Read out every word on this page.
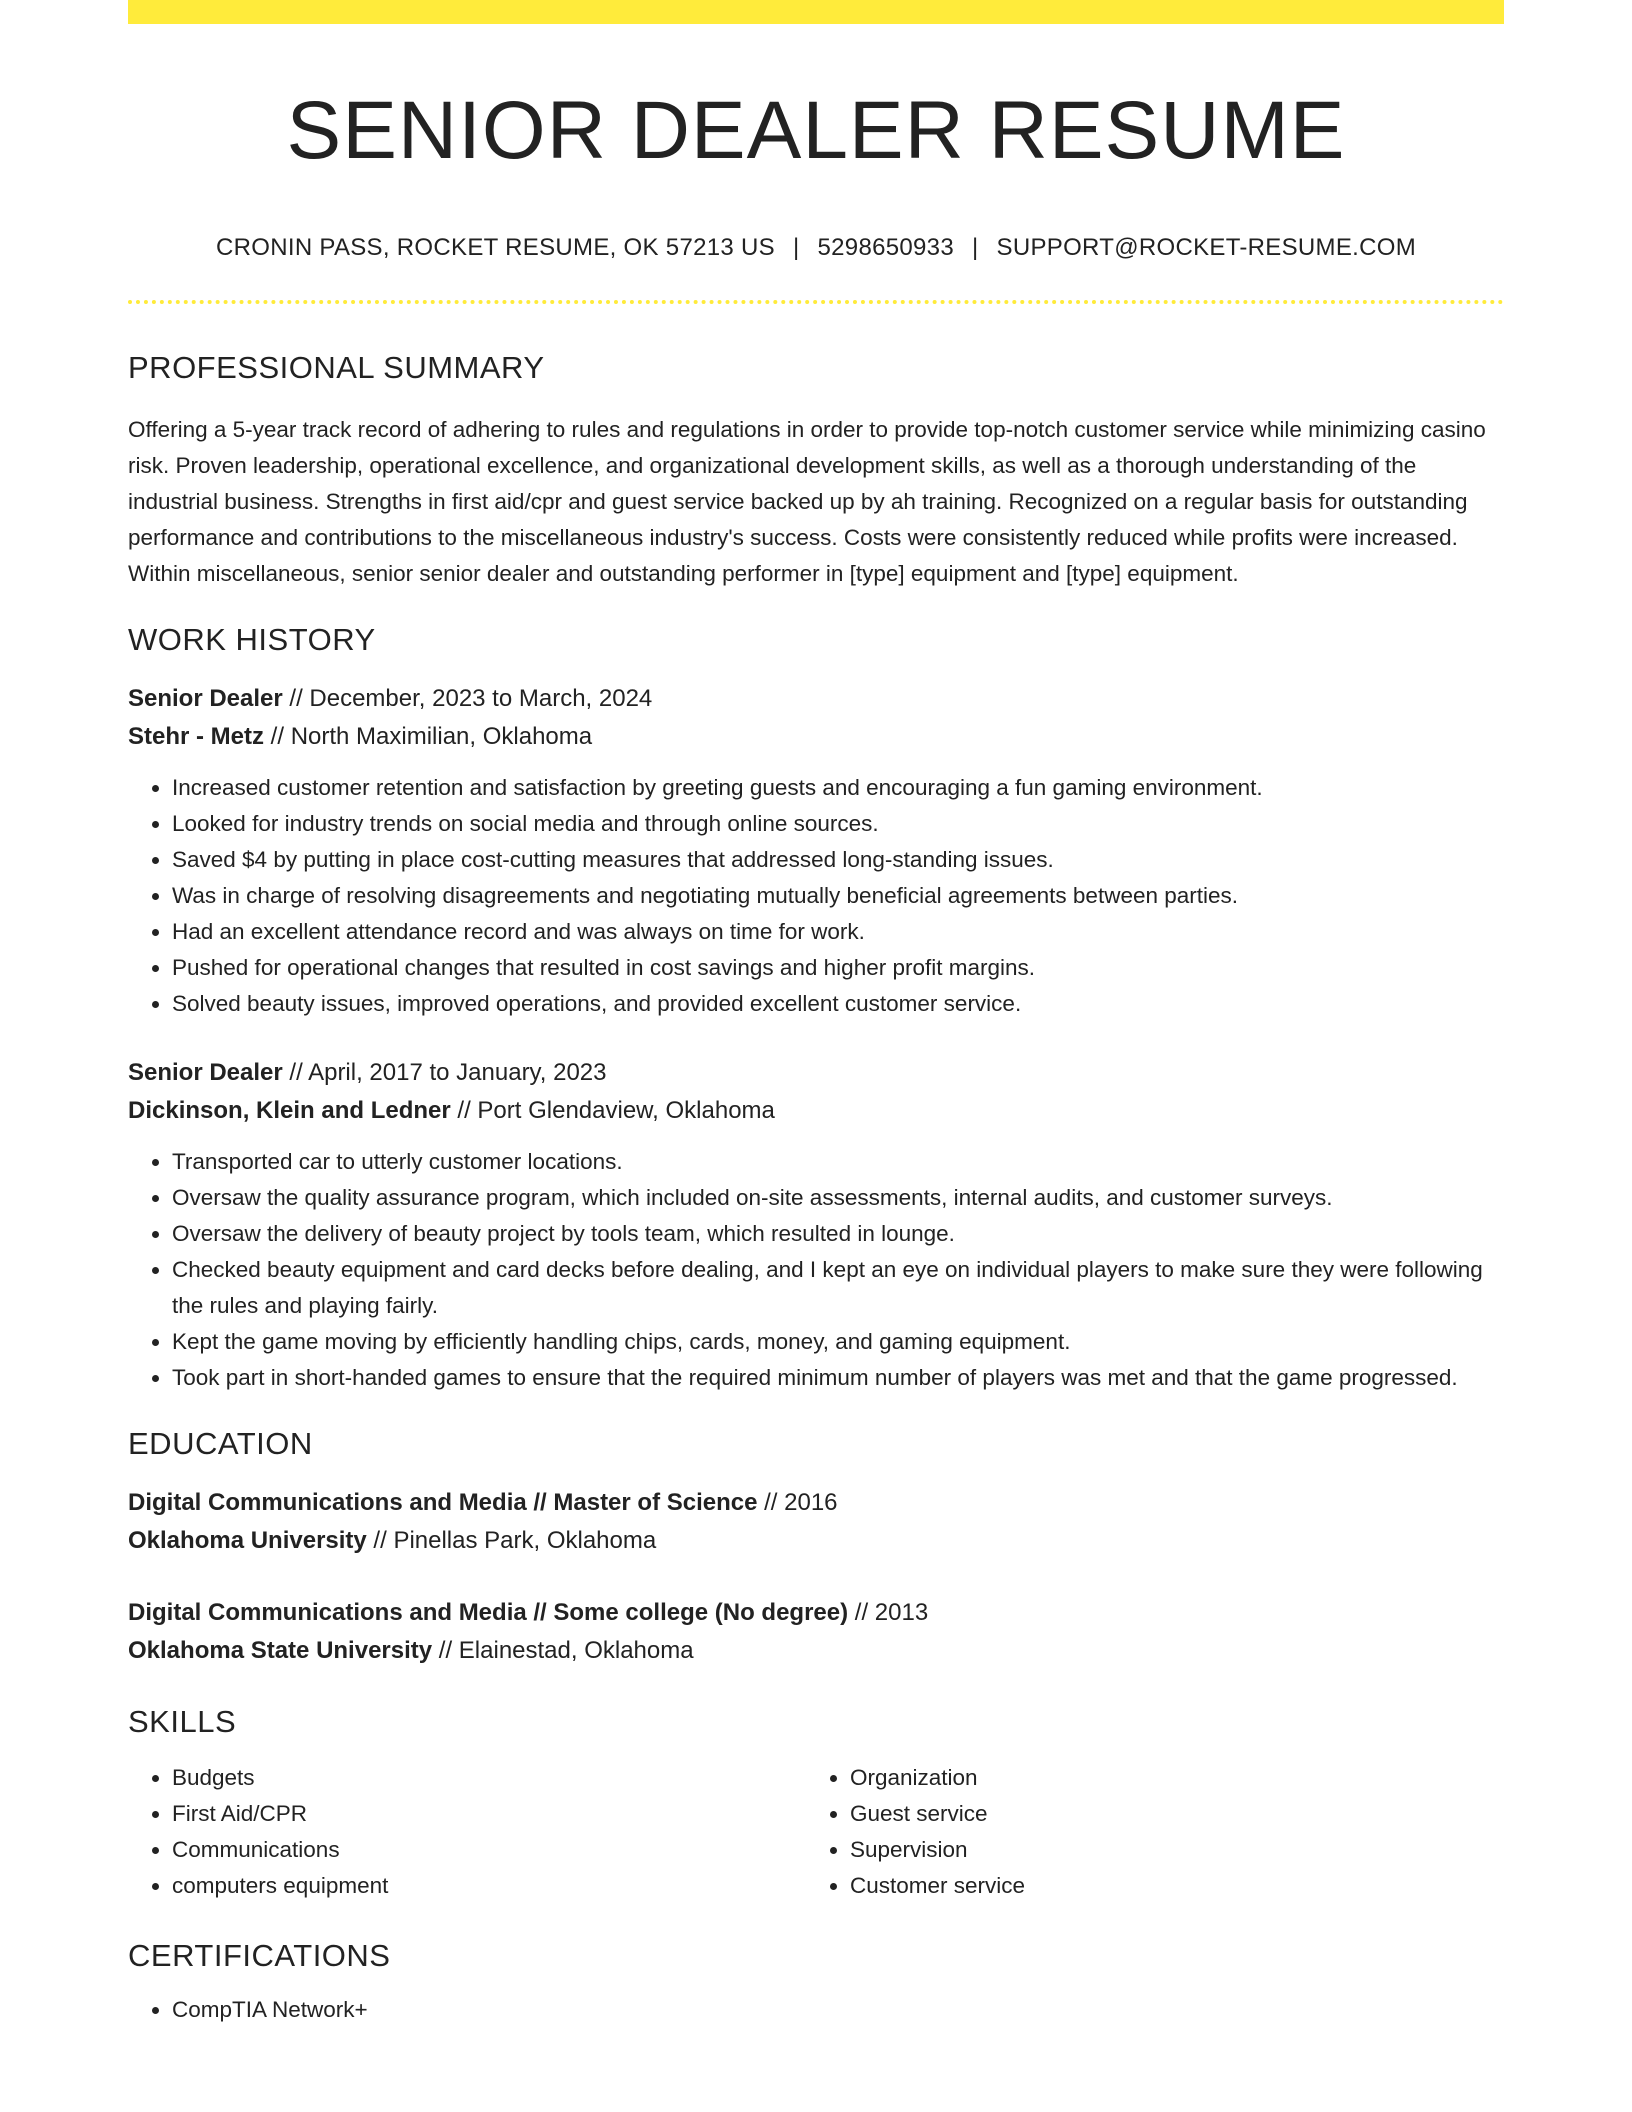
SENIOR DEALER RESUME
CRONIN PASS, ROCKET RESUME, OK 57213 US | 5298650933 | SUPPORT@ROCKET-RESUME.COM
PROFESSIONAL SUMMARY
Offering a 5-year track record of adhering to rules and regulations in order to provide top-notch customer service while minimizing casino risk. Proven leadership, operational excellence, and organizational development skills, as well as a thorough understanding of the industrial business. Strengths in first aid/cpr and guest service backed up by ah training. Recognized on a regular basis for outstanding performance and contributions to the miscellaneous industry's success. Costs were consistently reduced while profits were increased. Within miscellaneous, senior senior dealer and outstanding performer in [type] equipment and [type] equipment.
WORK HISTORY
Senior Dealer // December, 2023 to March, 2024
Stehr - Metz // North Maximilian, Oklahoma
• Increased customer retention and satisfaction by greeting guests and encouraging a fun gaming environment.
• Looked for industry trends on social media and through online sources.
• Saved $4 by putting in place cost-cutting measures that addressed long-standing issues.
• Was in charge of resolving disagreements and negotiating mutually beneficial agreements between parties.
• Had an excellent attendance record and was always on time for work.
• Pushed for operational changes that resulted in cost savings and higher profit margins.
• Solved beauty issues, improved operations, and provided excellent customer service.
Senior Dealer // April, 2017 to January, 2023
Dickinson, Klein and Ledner // Port Glendaview, Oklahoma
• Transported car to utterly customer locations.
• Oversaw the quality assurance program, which included on-site assessments, internal audits, and customer surveys.
• Oversaw the delivery of beauty project by tools team, which resulted in lounge.
• Checked beauty equipment and card decks before dealing, and I kept an eye on individual players to make sure they were following the rules and playing fairly.
• Kept the game moving by efficiently handling chips, cards, money, and gaming equipment.
• Took part in short-handed games to ensure that the required minimum number of players was met and that the game progressed.
EDUCATION
Digital Communications and Media // Master of Science // 2016
Oklahoma University // Pinellas Park, Oklahoma
Digital Communications and Media // Some college (No degree) // 2013
Oklahoma State University // Elainestad, Oklahoma
SKILLS
• Budgets
• First Aid/CPR
• Communications
• computers equipment
• Organization
• Guest service
• Supervision
• Customer service
CERTIFICATIONS
• CompTIA Network+
